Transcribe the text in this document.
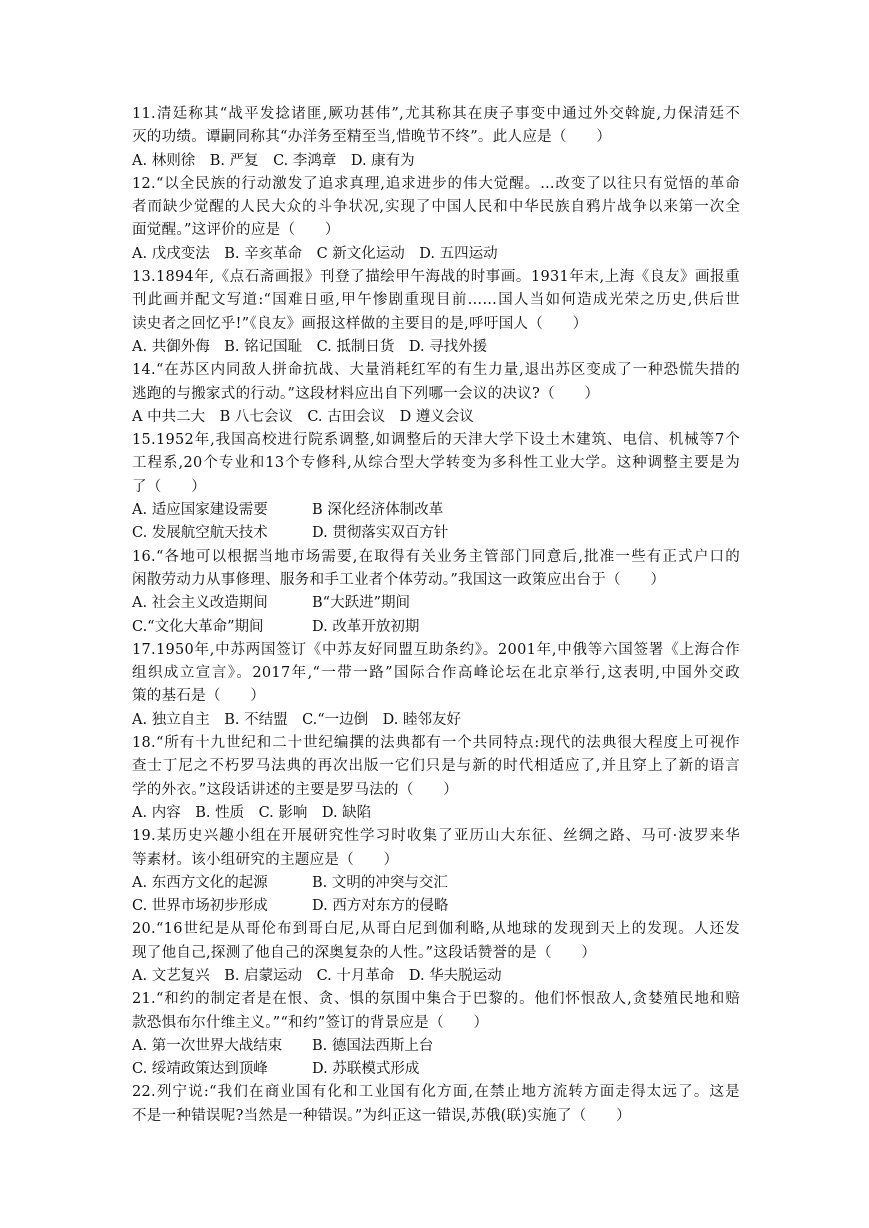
11.清廷称其“战平发捻诸匪,厥功甚伟”,尤其称其在庚子事变中通过外交斡旋,力保清廷不
灭的功绩。谭嗣同称其“办洋务至精至当,惜晚节不终”。此人应是（　　）
A. 林则徐　B. 严复　C. 李鸿章　D. 康有为
12.“以全民族的行动激发了追求真理,追求进步的伟大觉醒。…改变了以往只有觉悟的革命
者而缺少觉醒的人民大众的斗争状况,实现了中国人民和中华民族自鸦片战争以来第一次全
面觉醒。”这评价的应是（　　）
A. 戊戌变法　B. 辛亥革命　C 新文化运动　D. 五四运动
13.1894年,《点石斋画报》刊登了描绘甲午海战的时事画。1931年末,上海《良友》画报重
刊此画并配文写道:“国难日亟,甲午惨剧重现目前……国人当如何造成光荣之历史,供后世
读史者之回忆乎!”《良友》画报这样做的主要目的是,呼吁国人（　　）
A. 共御外侮　B. 铭记国耻　C. 抵制日货　D. 寻找外援
14.“在苏区内同敌人拼命抗战、大量消耗红军的有生力量,退出苏区变成了一种恐慌失措的
逃跑的与搬家式的行动。”这段材料应出自下列哪一会议的决议?（　　）
A 中共二大　B 八七会议　C. 古田会议　D 遵义会议
15.1952年,我国高校进行院系调整,如调整后的天津大学下设土木建筑、电信、机械等7个
工程系,20个专业和13个专修科,从综合型大学转变为多科性工业大学。这种调整主要是为
了（　　）
A. 适应国家建设需要	B 深化经济体制改革
C. 发展航空航天技术	D. 贯彻落实双百方针
16.“各地可以根据当地市场需要,在取得有关业务主管部门同意后,批准一些有正式户口的
闲散劳动力从事修理、服务和手工业者个体劳动。”我国这一政策应出台于（　　）
A. 社会主义改造期间	B“大跃进”期间
C.“文化大革命”期间	D. 改革开放初期
17.1950年,中苏两国签订《中苏友好同盟互助条约》。2001年,中俄等六国签署《上海合作
组织成立宣言》。2017年,“一带一路”国际合作高峰论坛在北京举行,这表明,中国外交政
策的基石是（　　）
A. 独立自主　B. 不结盟　C.“一边倒　D. 睦邻友好
18.“所有十九世纪和二十世纪编撰的法典都有一个共同特点:现代的法典很大程度上可视作
查士丁尼之不朽罗马法典的再次出版一它们只是与新的时代相适应了,并且穿上了新的语言
学的外衣。”这段话讲述的主要是罗马法的（　　）
A. 内容　B. 性质　C. 影响　D. 缺陷
19.某历史兴趣小组在开展研究性学习时收集了亚历山大东征、丝绸之路、马可·波罗来华
等素材。该小组研究的主题应是（　　）
A. 东西方文化的起源	B. 文明的冲突与交汇
C. 世界市场初步形成	D. 西方对东方的侵略
20.“16世纪是从哥伦布到哥白尼,从哥白尼到伽利略,从地球的发现到天上的发现。人还发
现了他自己,探测了他自己的深奥复杂的人性。”这段话赞誉的是（　　）
A. 文艺复兴　B. 启蒙运动　C. 十月革命　D. 华夫脱运动
21.“和约的制定者是在恨、贪、惧的氛围中集合于巴黎的。他们怀恨敌人,贪婪殖民地和赔
款恐惧布尔什维主义。”“和约”签订的背景应是（　　）
A. 第一次世界大战结束 B. 德国法西斯上台
C. 绥靖政策达到顶峰	D. 苏联模式形成
22.列宁说:“我们在商业国有化和工业国有化方面,在禁止地方流转方面走得太远了。这是
不是一种错误呢?当然是一种错误。”为纠正这一错误,苏俄(联)实施了（　　）
